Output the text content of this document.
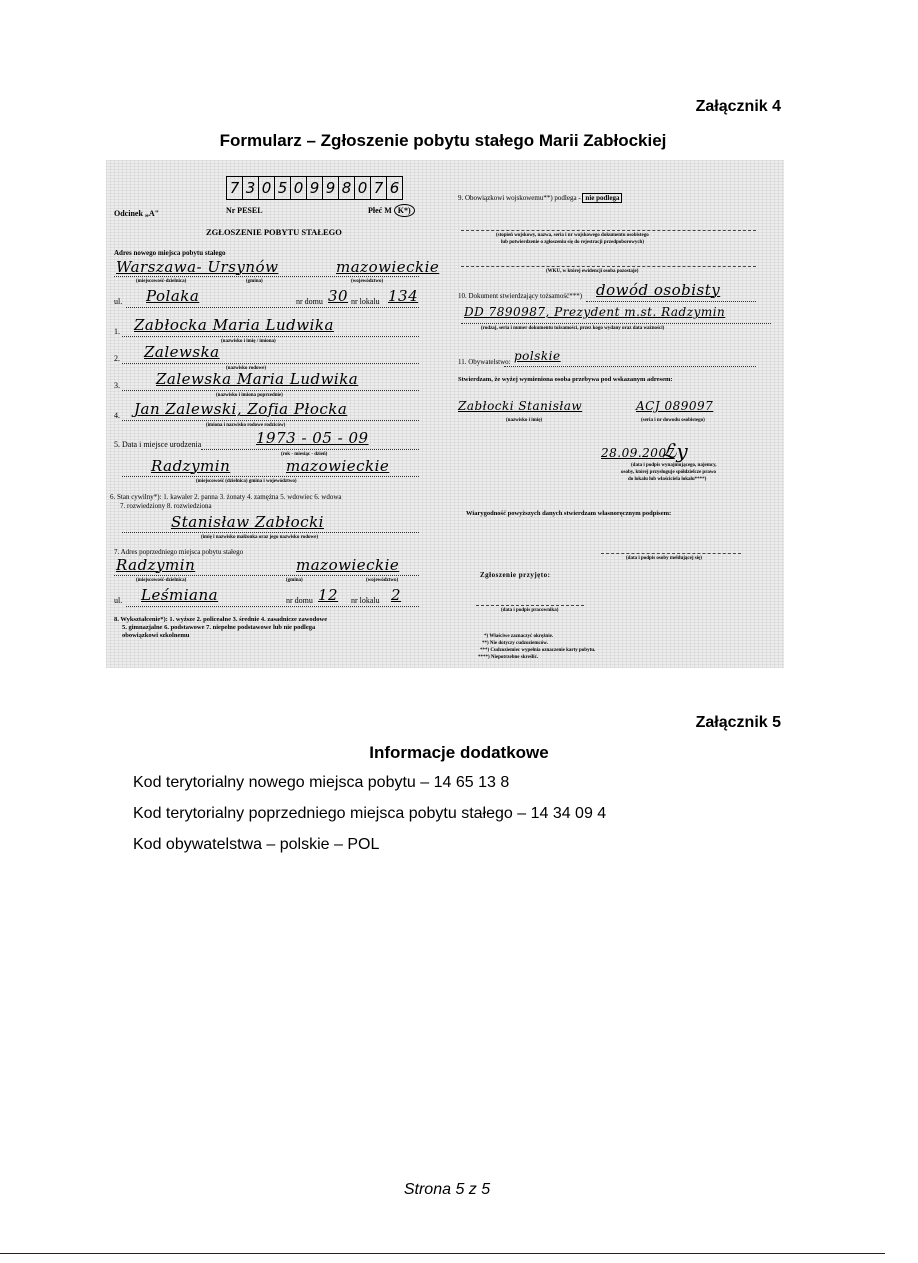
Załącznik 4
Formularz – Zgłoszenie pobytu stałego Marii Zabłockiej
Odcinek „A"
7 3 0 5 0 9 9 8 0 7 6
Nr PESEL	Płeć M K*)
ZGŁOSZENIE POBYTU STAŁEGO
Adres nowego miejsca pobytu stałego
Warszawa- Ursynów	mazowieckie
(miejscowość-dzielnica)	(gmina)	(województwo)
ul. Polaka	nr domu 30 nr lokalu 134
1. Zabłocka Maria Ludwika
(nazwisko i imię / imiona)
2. Zalewska
(nazwisko rodowe)
3. Zalewska Maria Ludwika
(nazwisko i imiona poprzednie)
4. Jan Zalewski, Zofia Płocka
(imiona i nazwisko rodowe rodziców)
5. Data i miejsce urodzenia	1973 - 05 - 09
(rok - miesiąc - dzień)
Radzymin	mazowieckie
(miejscowość (dzielnica) gmina i województwo)
6. Stan cywilny*): 1. kawaler 2. panna 3. żonaty 4. zamężna 5. wdowiec 6. wdowa
7. rozwiedziony 8. rozwiedziona
Stanisław Zabłocki
(imię i nazwisko małżonka oraz jego nazwisko rodowe)
7. Adres poprzedniego miejsca pobytu stałego
Radzymin	mazowieckie
(miejscowość-dzielnica)	(gmina)	(województwo)
ul. Leśmiana	nr domu 12 nr lokalu 2
8. Wykształcenie*): 1. wyższe 2. policealne 3. średnie 4. zasadnicze zawodowe
5. gimnazjalne 6. podstawowe 7. niepełne podstawowe lub nie podlega
obowiązkowi szkolnemu
9. Obowiązkowi wojskowemu**) podlega - nie podlega
(stopień wojskowy, nazwa, seria i nr wojskowego dokumentu osobistego
lub potwierdzenie o zgłoszeniu się do rejestracji przedpoborowych)
(WKU, w której ewidencji osoba pozostaje)
10. Dokument stwierdzający tożsamość***) dowód osobisty
DD 7890987, Prezydent m.st. Radzymin
(rodzaj, seria i numer dokumentu tożsamości, przez kogo wydany oraz data ważności)
11. Obywatelstwo: polskie
Stwierdzam, że wyżej wymieniona osoba przebywa pod wskazanym adresem:
Zabłocki Stanisław	ACJ 089097
(nazwisko i imię)	(seria i nr dowodu osobistego)
28.09.2007
ℒy
(data i podpis wynajmującego, najemcy,
osoby, której przysługuje spółdzielcze prawo
do lokalu lub właściciela lokalu****)
Wiarygodność powyższych danych stwierdzam własnoręcznym podpisem:
(data i podpis osoby meldującej się)
Zgłoszenie przyjęto:
(data i podpis pracownika)
*) Właściwe zaznaczyć okrężnie.
**) Nie dotyczy cudzoziemców.
***) Cudzoziemiec wypełnia oznaczenie karty pobytu.
****) Niepotrzebne skreślić.
Załącznik 5
Informacje dodatkowe
Kod terytorialny nowego miejsca pobytu – 14 65 13 8
Kod terytorialny poprzedniego miejsca pobytu stałego – 14 34 09 4
Kod obywatelstwa – polskie – POL
Strona 5 z 5
